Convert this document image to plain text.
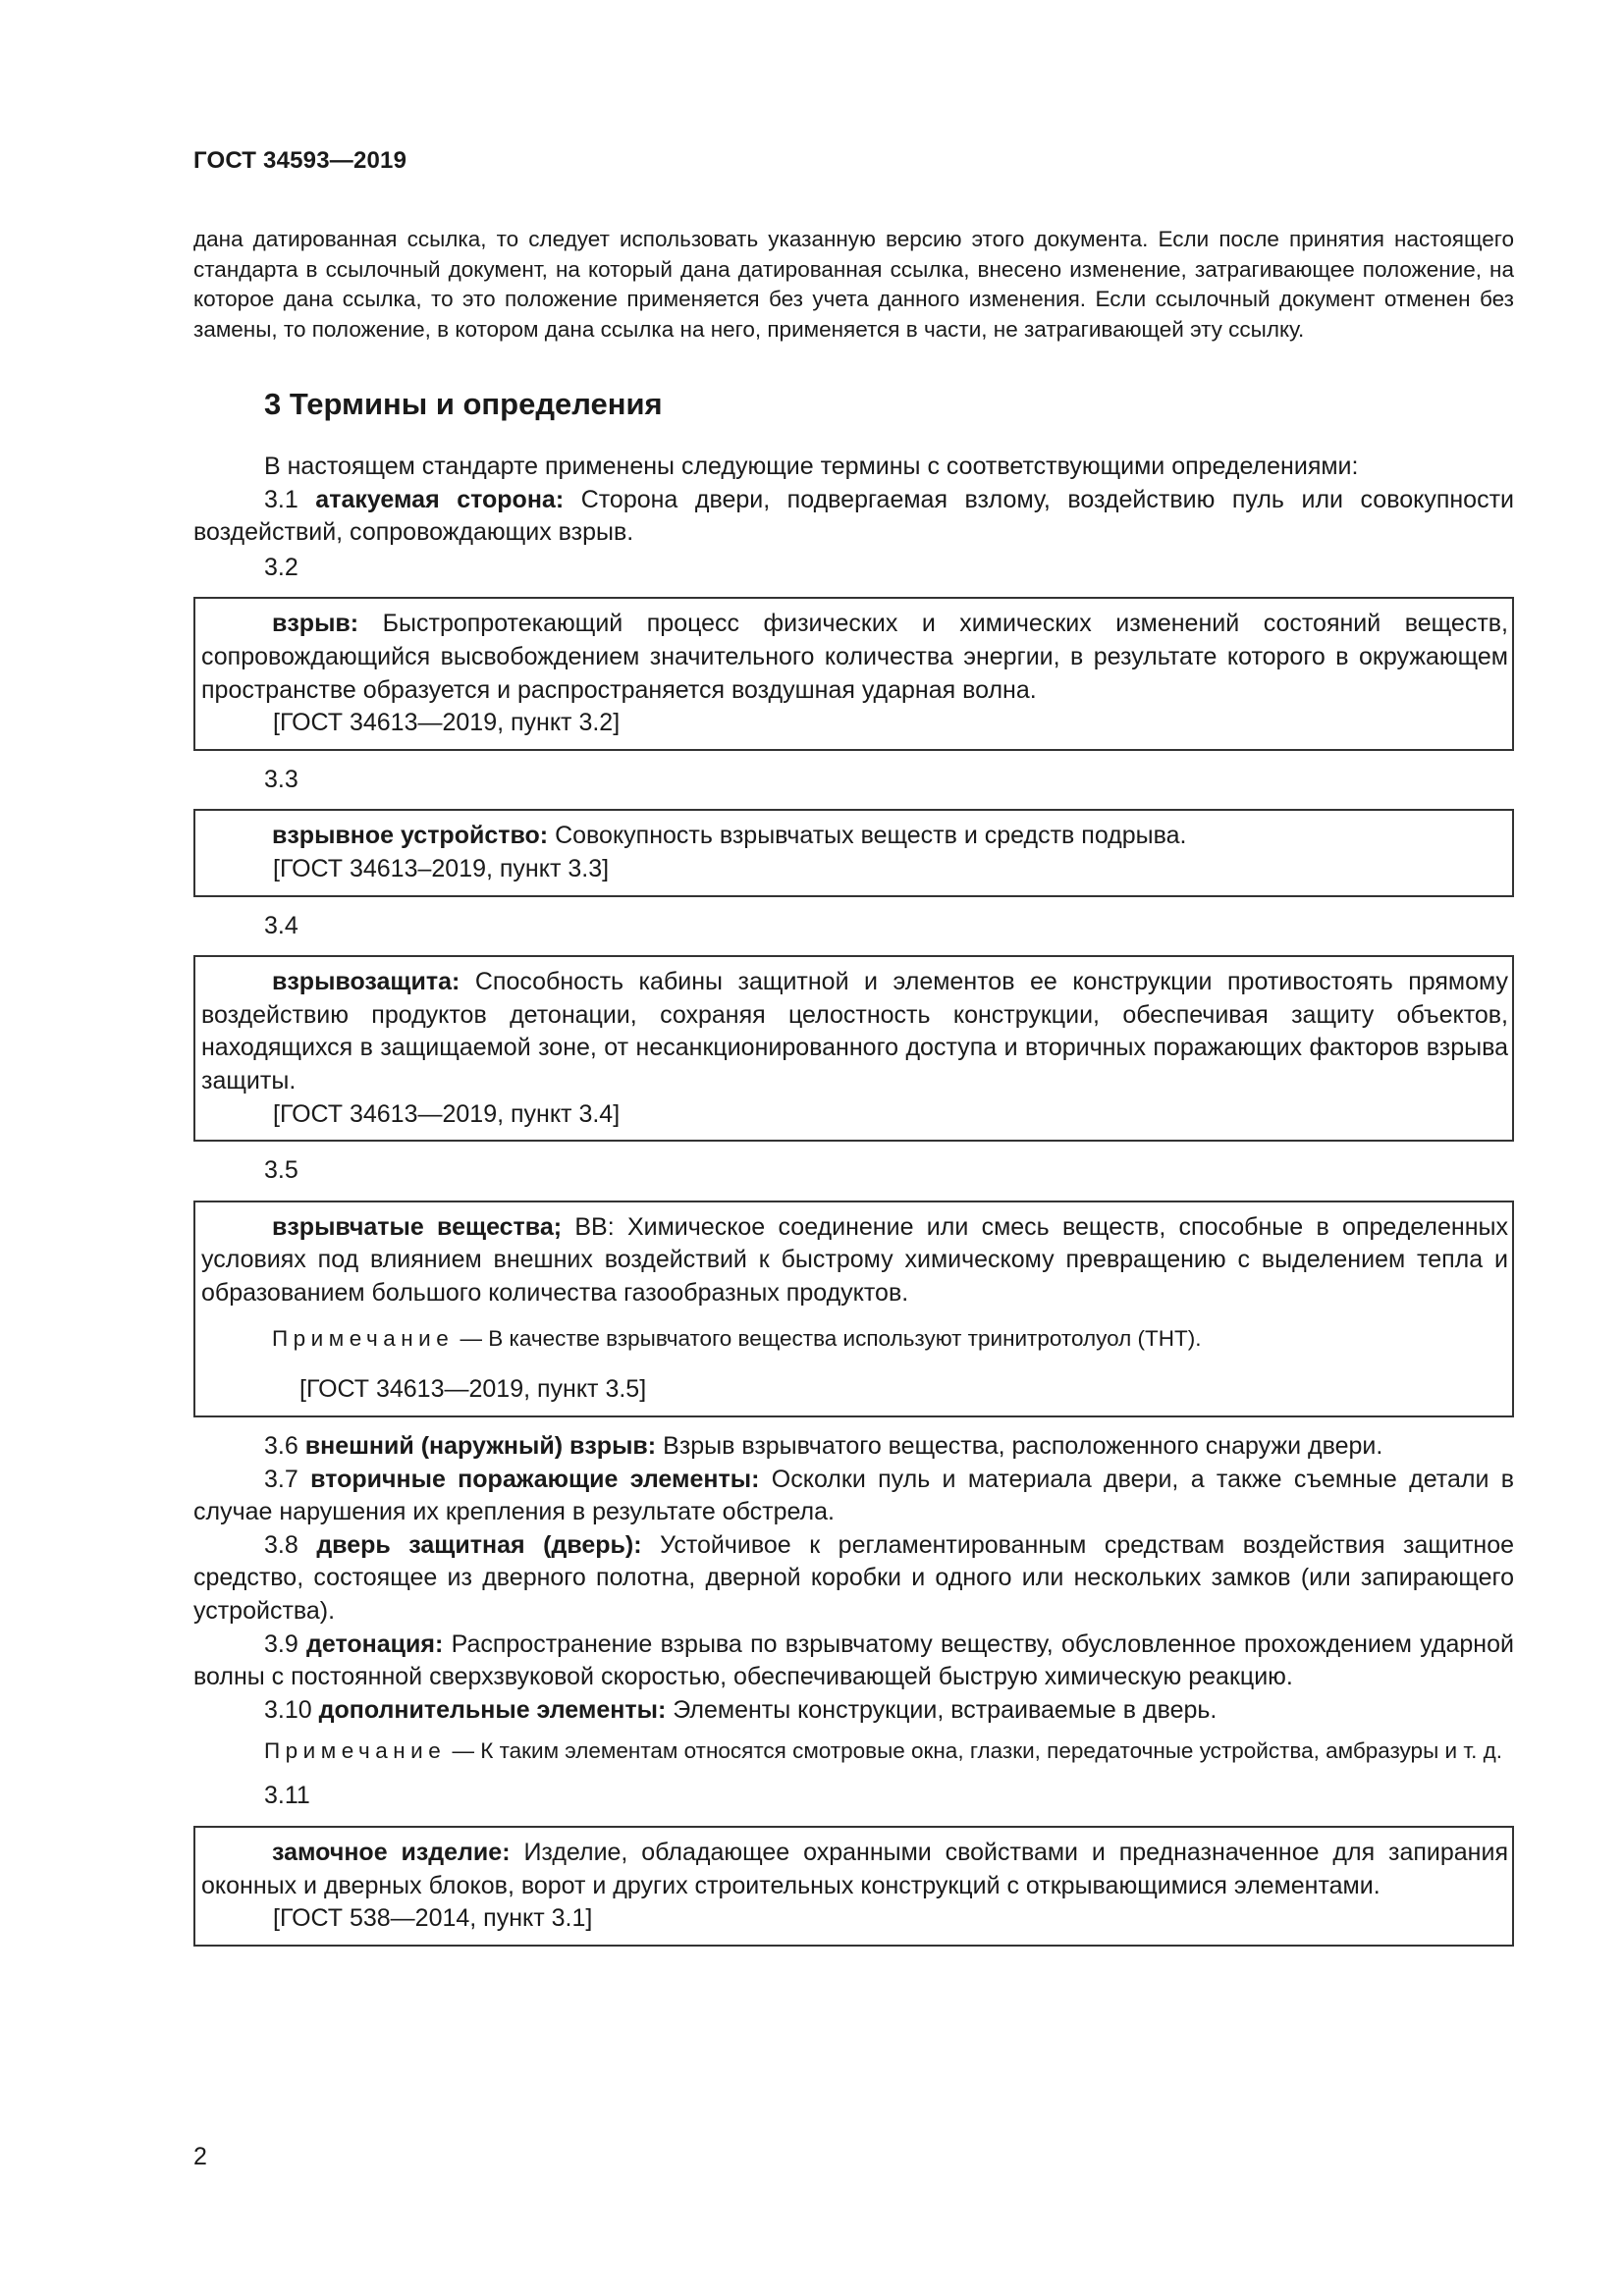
ГОСТ 34593—2019

дана датированная ссылка, то следует использовать указанную версию этого документа. Если после принятия настоящего стандарта в ссылочный документ, на который дана датированная ссылка, внесено изменение, затрагивающее положение, на которое дана ссылка, то это положение применяется без учета данного изменения. Если ссылочный документ отменен без замены, то положение, в котором дана ссылка на него, применяется в части, не затрагивающей эту ссылку.

3 Термины и определения

В настоящем стандарте применены следующие термины с соответствующими определениями:

3.1 атакуемая сторона: Сторона двери, подвергаемая взлому, воздействию пуль или совокупности воздействий, сопровождающих взрыв.

3.2

взрыв: Быстропротекающий процесс физических и химических изменений состояний веществ, сопровождающийся высвобождением значительного количества энергии, в результате которого в окружающем пространстве образуется и распространяется воздушная ударная волна.

[ГОСТ 34613—2019, пункт 3.2]

3.3

взрывное устройство: Совокупность взрывчатых веществ и средств подрыва.

[ГОСТ 34613–2019, пункт 3.3]

3.4

взрывозащита: Способность кабины защитной и элементов ее конструкции противостоять прямому воздействию продуктов детонации, сохраняя целостность конструкции, обеспечивая защиту объектов, находящихся в защищаемой зоне, от несанкционированного доступа и вторичных поражающих факторов взрыва защиты.

[ГОСТ 34613—2019, пункт 3.4]

3.5

взрывчатые вещества; ВВ: Химическое соединение или смесь веществ, способные в определенных условиях под влиянием внешних воздействий к быстрому химическому превращению с выделением тепла и образованием большого количества газообразных продуктов.

Примечание — В качестве взрывчатого вещества используют тринитротолуол (ТНТ).

[ГОСТ 34613—2019, пункт 3.5]

3.6 внешний (наружный) взрыв: Взрыв взрывчатого вещества, расположенного снаружи двери.

3.7 вторичные поражающие элементы: Осколки пуль и материала двери, а также съемные детали в случае нарушения их крепления в результате обстрела.

3.8 дверь защитная (дверь): Устойчивое к регламентированным средствам воздействия защитное средство, состоящее из дверного полотна, дверной коробки и одного или нескольких замков (или запирающего устройства).

3.9 детонация: Распространение взрыва по взрывчатому веществу, обусловленное прохождением ударной волны с постоянной сверхзвуковой скоростью, обеспечивающей быструю химическую реакцию.

3.10 дополнительные элементы: Элементы конструкции, встраиваемые в дверь.

Примечание — К таким элементам относятся смотровые окна, глазки, передаточные устройства, амбразуры и т. д.

3.11

замочное изделие: Изделие, обладающее охранными свойствами и предназначенное для запирания оконных и дверных блоков, ворот и других строительных конструкций с открывающимися элементами.

[ГОСТ 538—2014, пункт 3.1]

2
